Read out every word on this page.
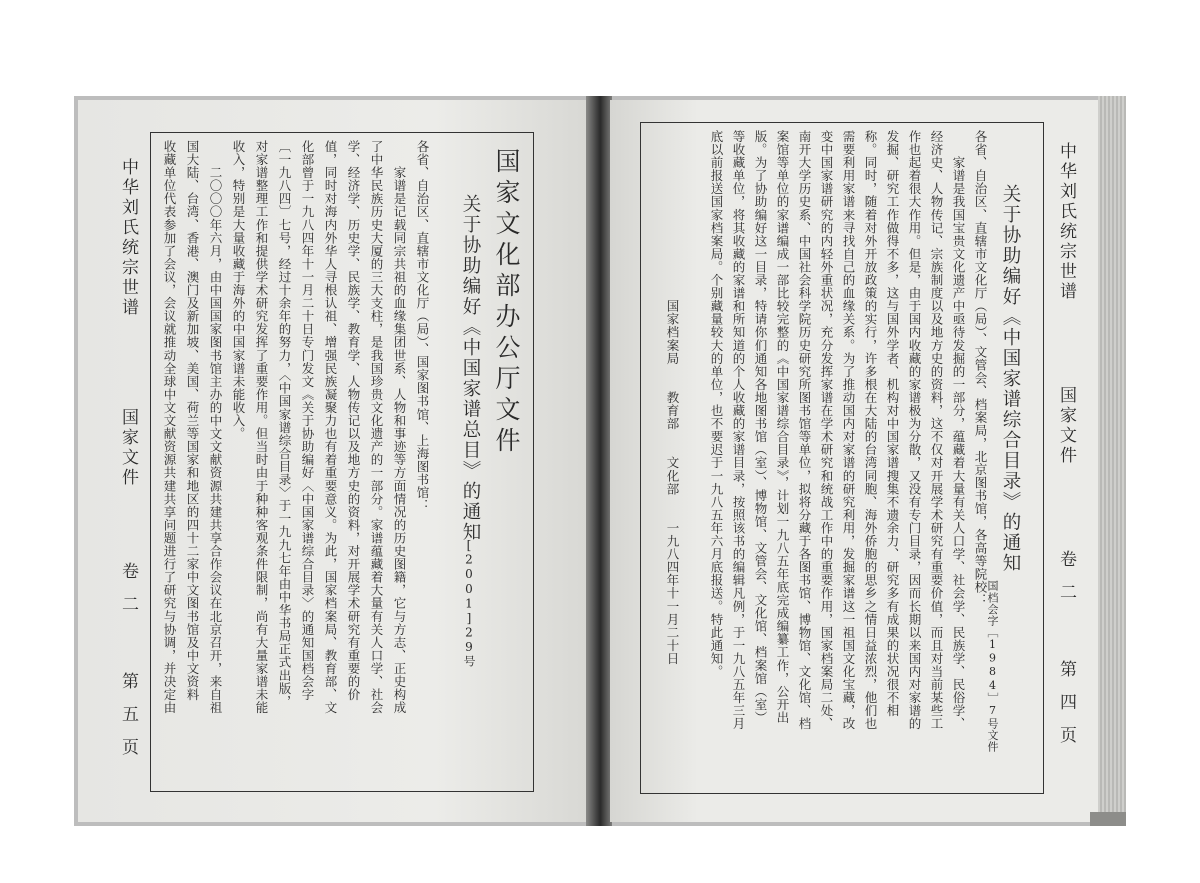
中华刘氏统宗世谱
国家文件
卷二
第五页
国家文化部办公厅文件
关于协助编好《中国家谱总目》的通知
[2001]29号
各省、自治区、直辖市文化厅（局）、国家图书馆、上海图书馆：
　　家谱是记载同宗共祖的血缘集团世系、人物和事迹等方面情况的历史图籍，它与方志、正史构成
了中华民族历史大厦的三大支柱，是我国珍贵文化遗产的一部分。家谱蕴藏着大量有关人口学、社会
学、经济学、历史学、民族学、教育学、人物传记以及地方史的资料，对开展学术研究有重要的价
值，同时对海内外华人寻根认祖、增强民族凝聚力也有着重要意义。为此，国家档案局、教育部、文
化部曾于一九八四年十一月二十日专门发文《关于协助编好〈中国家谱综合目录〉的通知国档会字
〔一九八四〕七号，经过十余年的努力，〈中国家谱综合目录〉于一九九七年由中华书局正式出版，
对家谱整理工作和提供学术研究发挥了重要作用。但当时由于种种客观条件限制，尚有大量家谱未能
收入，特别是大量收藏于海外的中国家谱未能收入。
　　二〇〇〇年六月，由中国国家图书馆主办的中文文献资源共建共享合作会议在北京召开，来自祖
国大陆、台湾、香港、澳门及新加坡、美国、荷兰等国家和地区的四十二家中文图书馆及中文资料
收藏单位代表参加了会议，会议就推动全球中文文献资源共建共享问题进行了研究与协调，并决定由	中华刘氏统宗世谱
国家文件
卷二
第四页
关于协助编好《中国家谱综合目录》的通知
国档会字［1984］7号文件
各省、自治区、直辖市文化厅（局）、文管会、档案局，北京图书馆，各高等院校：
　　家谱是我国宝贵文化遗产中亟待发掘的一部分，蕴藏着大量有关人口学、社会学、民族学、民俗学、
经济史、人物传记、宗族制度以及地方史的资料，这不仅对开展学术研究有重要价值，而且对当前某些工
作也起着很大作用。但是，由于国内收藏的家谱极为分散，又没有专门目录，因而长期以来国内对家谱的
发掘、研究工作做得不多，这与国外学者、机构对中国家谱搜集不遗余力、研究多有成果的状况很不相
称。同时，随着对外开放政策的实行，许多根在大陆的台湾同胞、海外侨胞的思乡之情日益浓烈，他们也
需要利用家谱来寻找自己的血缘关系。为了推动国内对家谱的研究利用，发掘家谱这一祖国文化宝藏，改
变中国家谱研究的内轻外重状况，充分发挥家谱在学术研究和统战工作中的重要作用，国家档案局二处、
南开大学历史系、中国社会科学院历史研究所图书馆等单位，拟将分藏于各图书馆、博物馆、文化馆、档
案馆等单位的家谱编成一部比较完整的《中国家谱综合目录》，计划一九八五年底完成编纂工作，公开出
版。为了协助编好这一目录，特请你们通知各地图书馆（室）、博物馆、文管会、文化馆、档案馆（室）
等收藏单位，将其收藏的家谱和所知道的个人收藏的家谱目录，按照该书的编辑凡例，于一九八五年三月
底以前报送国家档案局。个别藏量较大的单位，也不要迟于一九八五年六月底报送。特此通知。
　　　　　　　　　　　　　国家档案局　　教育部　　文化部　　一九八四年十一月二十日
